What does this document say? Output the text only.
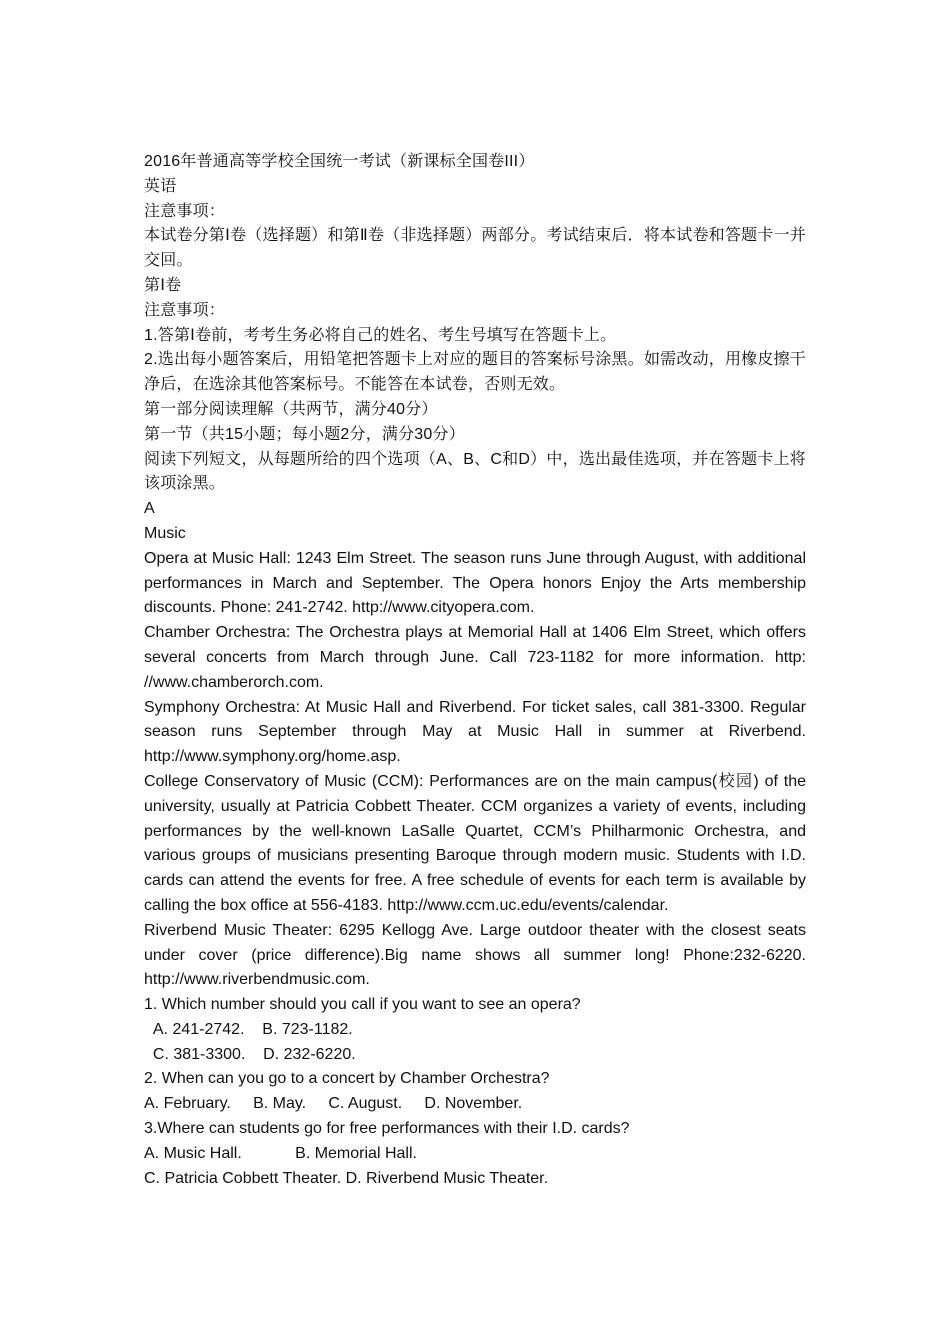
2016年普通高等学校全国统一考试（新课标全国卷III）

英语

注意事项：

本试卷分第Ⅰ卷（选择题）和第Ⅱ卷（非选择题）两部分。考试结束后．将本试卷和答题卡一并交回。

第Ⅰ卷

注意事项：

1.答第Ⅰ卷前，考考生务必将自己的姓名、考生号填写在答题卡上。

2.选出每小题答案后，用铅笔把答题卡上对应的题目的答案标号涂黑。如需改动，用橡皮擦干净后，在选涂其他答案标号。不能答在本试卷，否则无效。

第一部分阅读理解（共两节，满分40分）

第一节（共15小题；每小题2分，满分30分）

阅读下列短文，从每题所给的四个选项（A、B、C和D）中，选出最佳选项，并在答题卡上将该项涂黑。

A

Music

Opera at Music Hall: 1243 Elm Street. The season runs June through August, with additional performances in March and September. The Opera honors Enjoy the Arts membership discounts. Phone: 241-2742. http://www.cityopera.com.

Chamber Orchestra: The Orchestra plays at Memorial Hall at 1406 Elm Street, which offers several concerts from March through June. Call 723-1182 for more information. http: //www.chamberorch.com.

Symphony Orchestra: At Music Hall and Riverbend. For ticket sales, call 381-3300. Regular season runs September through May at Music Hall in summer at Riverbend. http://www.symphony.org/home.asp.

College Conservatory of Music (CCM): Performances are on the main campus(校园) of the university, usually at Patricia Cobbett Theater. CCM organizes a variety of events, including performances by the well-known LaSalle Quartet, CCM’s Philharmonic Orchestra, and various groups of musicians presenting Baroque through modern music. Students with I.D. cards can attend the events for free. A free schedule of events for each term is available by calling the box office at 556-4183. http://www.ccm.uc.edu/events/calendar.

Riverbend Music Theater: 6295 Kellogg Ave. Large outdoor theater with the closest seats under cover (price difference).Big name shows all summer long! Phone:232-6220. http://www.riverbendmusic.com.

1. Which number should you call if you want to see an opera?

A. 241-2742.    B. 723-1182.

C. 381-3300.    D. 232-6220.

2. When can you go to a concert by Chamber Orchestra?

A. February.     B. May.     C. August.     D. November.

3.Where can students go for free performances with their I.D. cards?

A. Music Hall.            B. Memorial Hall.

C. Patricia Cobbett Theater. D. Riverbend Music Theater.
